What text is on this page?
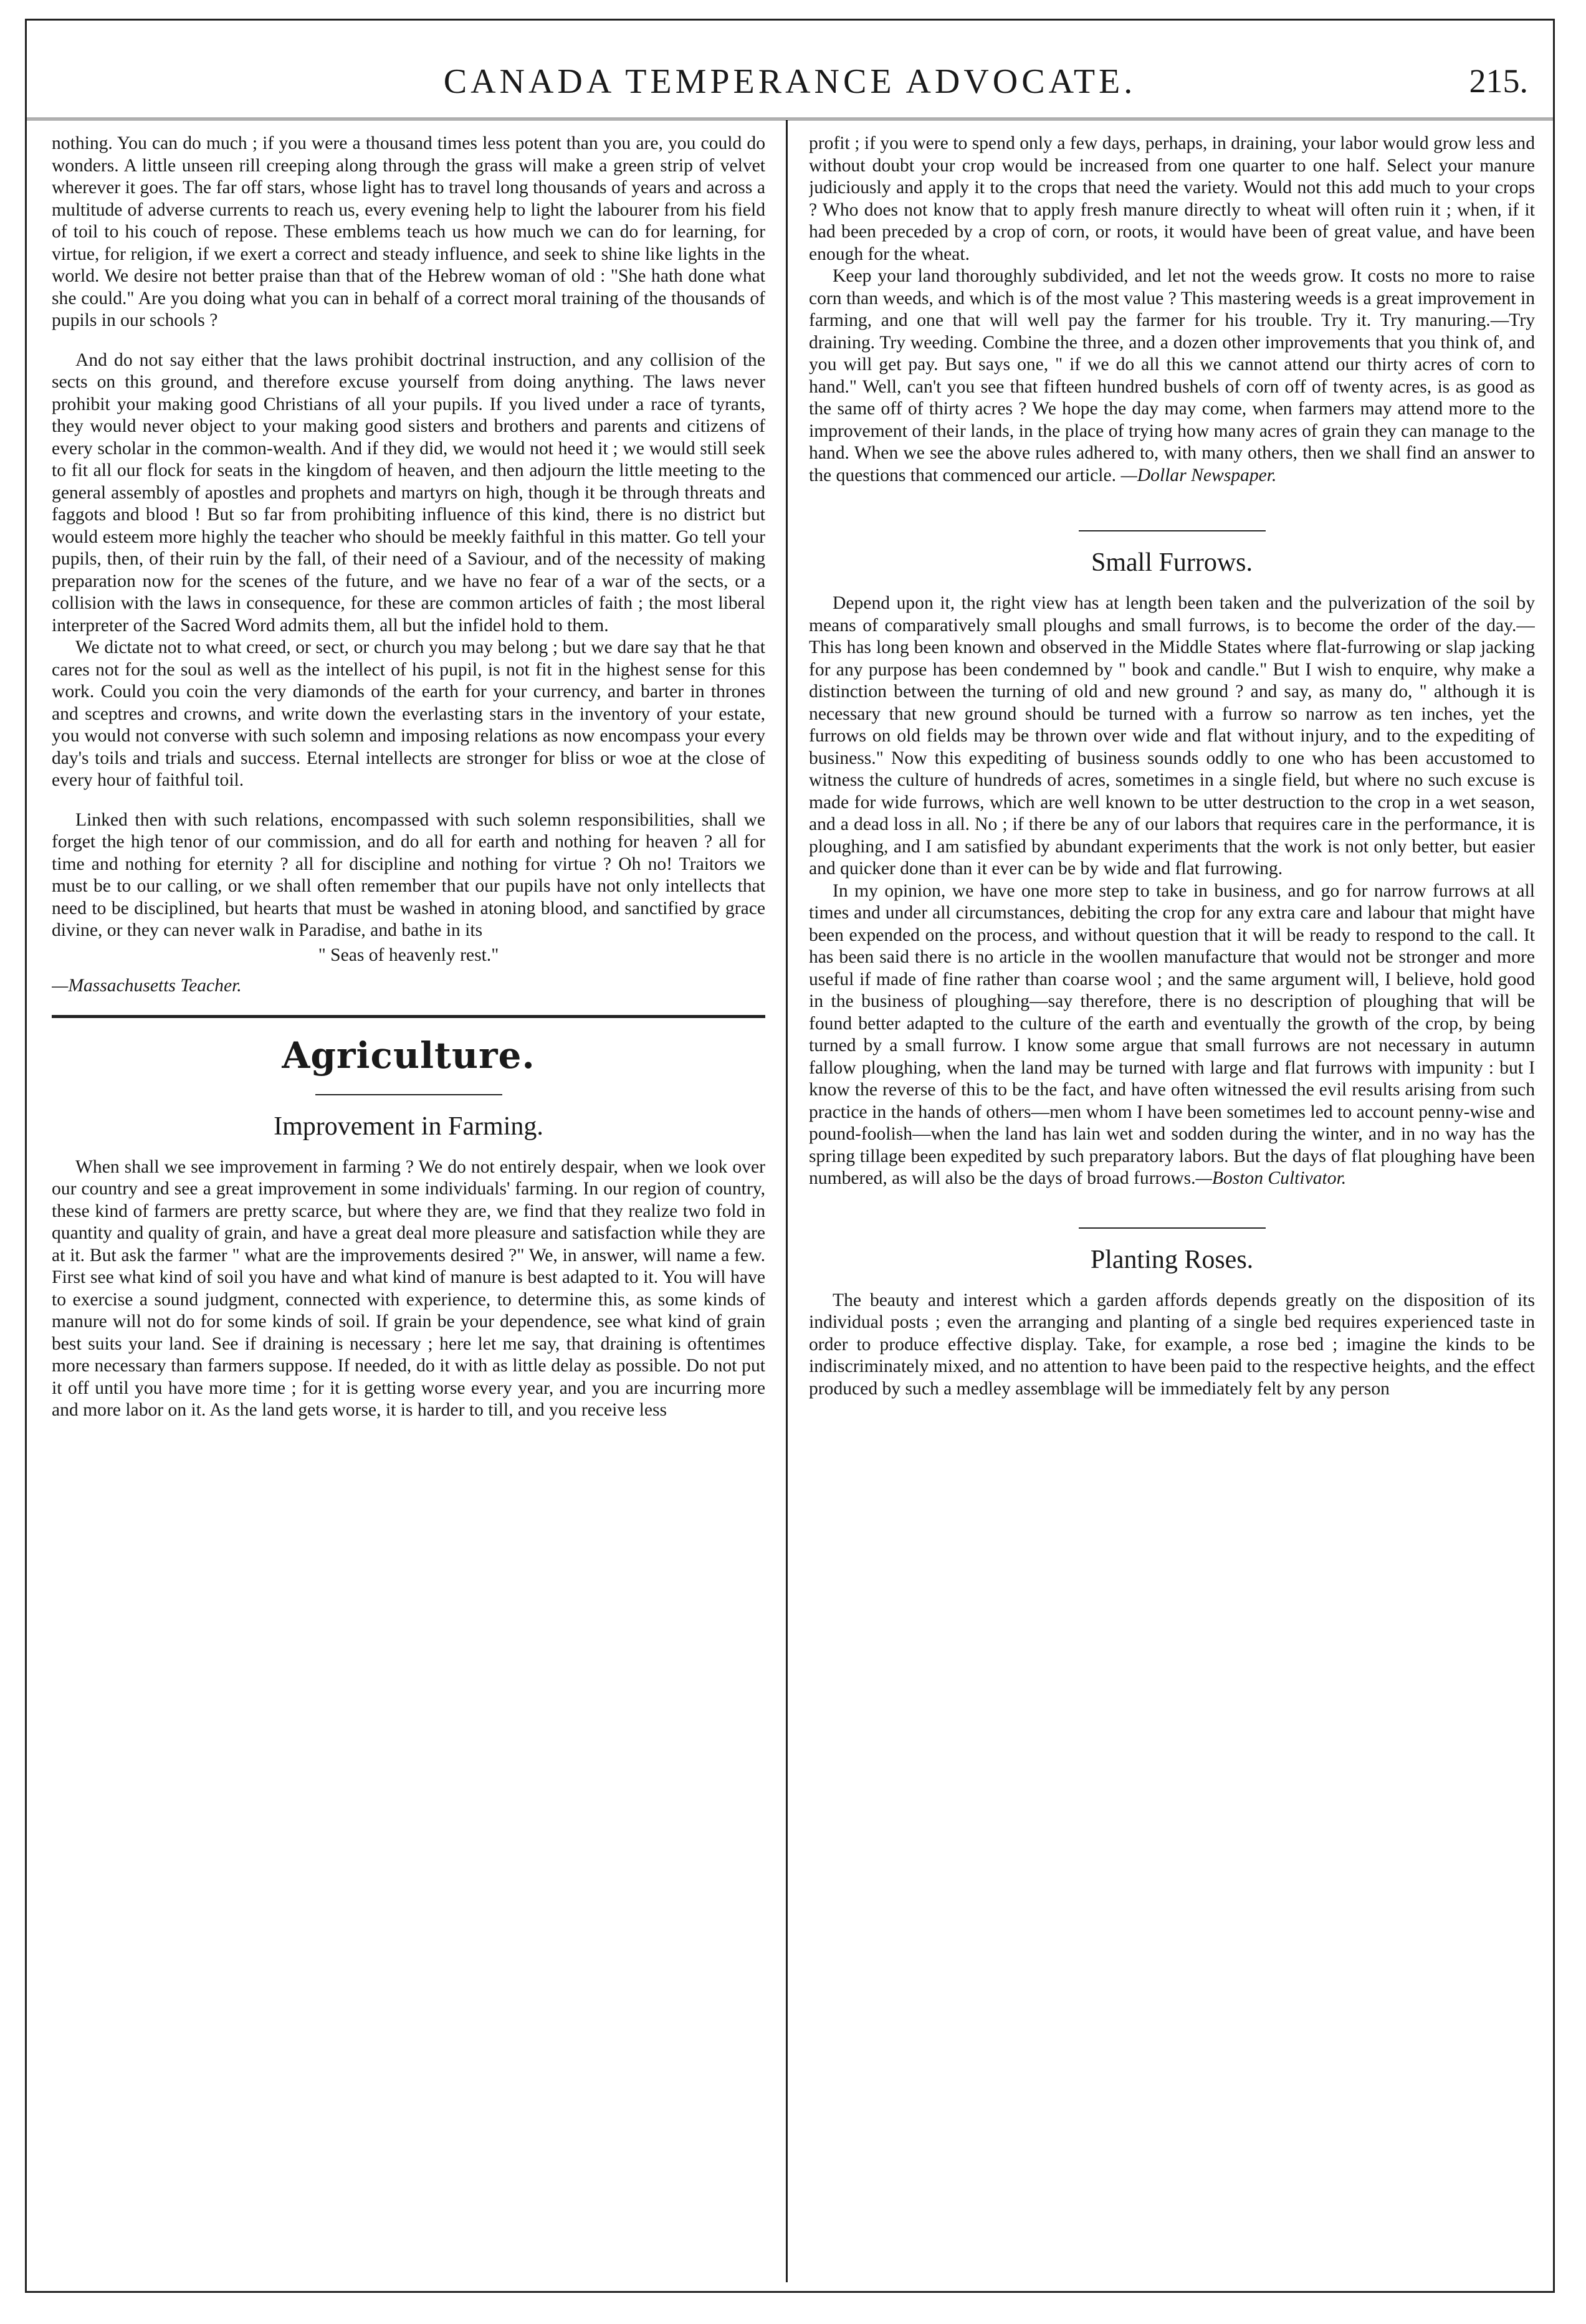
CANADA TEMPERANCE ADVOCATE.	215.

nothing. You can do much ; if you were a thousand times less potent than you are, you could do wonders. A little unseen rill creeping along through the grass will make a green strip of velvet wherever it goes. The far off stars, whose light has to travel long thousands of years and across a multitude of adverse currents to reach us, every evening help to light the labourer from his field of toil to his couch of repose. These emblems teach us how much we can do for learning, for virtue, for religion, if we exert a correct and steady influence, and seek to shine like lights in the world. We desire not better praise than that of the Hebrew woman of old : "She hath done what she could." Are you doing what you can in behalf of a correct moral training of the thousands of pupils in our schools ?

And do not say either that the laws prohibit doctrinal instruction, and any collision of the sects on this ground, and therefore excuse yourself from doing anything. The laws never prohibit your making good Christians of all your pupils. If you lived under a race of tyrants, they would never object to your making good sisters and brothers and parents and citizens of every scholar in the common-wealth. And if they did, we would not heed it ; we would still seek to fit all our flock for seats in the kingdom of heaven, and then adjourn the little meeting to the general assembly of apostles and prophets and martyrs on high, though it be through threats and faggots and blood ! But so far from prohibiting influence of this kind, there is no district but would esteem more highly the teacher who should be meekly faithful in this matter. Go tell your pupils, then, of their ruin by the fall, of their need of a Saviour, and of the necessity of making preparation now for the scenes of the future, and we have no fear of a war of the sects, or a collision with the laws in consequence, for these are common articles of faith ; the most liberal interpreter of the Sacred Word admits them, all but the infidel hold to them.

We dictate not to what creed, or sect, or church you may belong ; but we dare say that he that cares not for the soul as well as the intellect of his pupil, is not fit in the highest sense for this work. Could you coin the very diamonds of the earth for your currency, and barter in thrones and sceptres and crowns, and write down the everlasting stars in the inventory of your estate, you would not converse with such solemn and imposing relations as now encompass your every day's toils and trials and success. Eternal intellects are stronger for bliss or woe at the close of every hour of faithful toil.

Linked then with such relations, encompassed with such solemn responsibilities, shall we forget the high tenor of our commission, and do all for earth and nothing for heaven ? all for time and nothing for eternity ? all for discipline and nothing for virtue ? Oh no! Traitors we must be to our calling, or we shall often remember that our pupils have not only intellects that need to be disciplined, but hearts that must be washed in atoning blood, and sanctified by grace divine, or they can never walk in Paradise, and bathe in its

" Seas of heavenly rest."
—Massachusetts Teacher.
Agriculture.
Improvement in Farming.

When shall we see improvement in farming ? We do not entirely despair, when we look over our country and see a great improvement in some individuals' farming. In our region of country, these kind of farmers are pretty scarce, but where they are, we find that they realize two fold in quantity and quality of grain, and have a great deal more pleasure and satisfaction while they are at it. But ask the farmer " what are the improvements desired ?" We, in answer, will name a few. First see what kind of soil you have and what kind of manure is best adapted to it. You will have to exercise a sound judgment, connected with experience, to determine this, as some kinds of manure will not do for some kinds of soil. If grain be your dependence, see what kind of grain best suits your land. See if draining is necessary ; here let me say, that draining is oftentimes more necessary than farmers suppose. If needed, do it with as little delay as possible. Do not put it off until you have more time ; for it is getting worse every year, and you are incurring more and more labor on it. As the land gets worse, it is harder to till, and you receive less

profit ; if you were to spend only a few days, perhaps, in draining, your labor would grow less and without doubt your crop would be increased from one quarter to one half. Select your manure judiciously and apply it to the crops that need the variety. Would not this add much to your crops ? Who does not know that to apply fresh manure directly to wheat will often ruin it ; when, if it had been preceded by a crop of corn, or roots, it would have been of great value, and have been enough for the wheat.

Keep your land thoroughly subdivided, and let not the weeds grow. It costs no more to raise corn than weeds, and which is of the most value ? This mastering weeds is a great improvement in farming, and one that will well pay the farmer for his trouble. Try it. Try manuring.—Try draining. Try weeding. Combine the three, and a dozen other improvements that you think of, and you will get pay. But says one, " if we do all this we cannot attend our thirty acres of corn to hand." Well, can't you see that fifteen hundred bushels of corn off of twenty acres, is as good as the same off of thirty acres ? We hope the day may come, when farmers may attend more to the improvement of their lands, in the place of trying how many acres of grain they can manage to the hand. When we see the above rules adhered to, with many others, then we shall find an answer to the questions that commenced our article. —Dollar Newspaper.

Small Furrows.

Depend upon it, the right view has at length been taken and the pulverization of the soil by means of comparatively small ploughs and small furrows, is to become the order of the day.— This has long been known and observed in the Middle States where flat-furrowing or slap jacking for any purpose has been condemned by " book and candle." But I wish to enquire, why make a distinction between the turning of old and new ground ? and say, as many do, " although it is necessary that new ground should be turned with a furrow so narrow as ten inches, yet the furrows on old fields may be thrown over wide and flat without injury, and to the expediting of business." Now this expediting of business sounds oddly to one who has been accustomed to witness the culture of hundreds of acres, sometimes in a single field, but where no such excuse is made for wide furrows, which are well known to be utter destruction to the crop in a wet season, and a dead loss in all. No ; if there be any of our labors that requires care in the performance, it is ploughing, and I am satisfied by abundant experiments that the work is not only better, but easier and quicker done than it ever can be by wide and flat furrowing.

In my opinion, we have one more step to take in business, and go for narrow furrows at all times and under all circumstances, debiting the crop for any extra care and labour that might have been expended on the process, and without question that it will be ready to respond to the call. It has been said there is no article in the woollen manufacture that would not be stronger and more useful if made of fine rather than coarse wool ; and the same argument will, I believe, hold good in the business of ploughing—say therefore, there is no description of ploughing that will be found better adapted to the culture of the earth and eventually the growth of the crop, by being turned by a small furrow. I know some argue that small furrows are not necessary in autumn fallow ploughing, when the land may be turned with large and flat furrows with impunity : but I know the reverse of this to be the fact, and have often witnessed the evil results arising from such practice in the hands of others—men whom I have been sometimes led to account penny-wise and pound-foolish—when the land has lain wet and sodden during the winter, and in no way has the spring tillage been expedited by such preparatory labors. But the days of flat ploughing have been numbered, as will also be the days of broad furrows.—Boston Cultivator.

Planting Roses.

The beauty and interest which a garden affords depends greatly on the disposition of its individual posts ; even the arranging and planting of a single bed requires experienced taste in order to produce effective display. Take, for example, a rose bed ; imagine the kinds to be indiscriminately mixed, and no attention to have been paid to the respective heights, and the effect produced by such a medley assemblage will be immediately felt by any person
